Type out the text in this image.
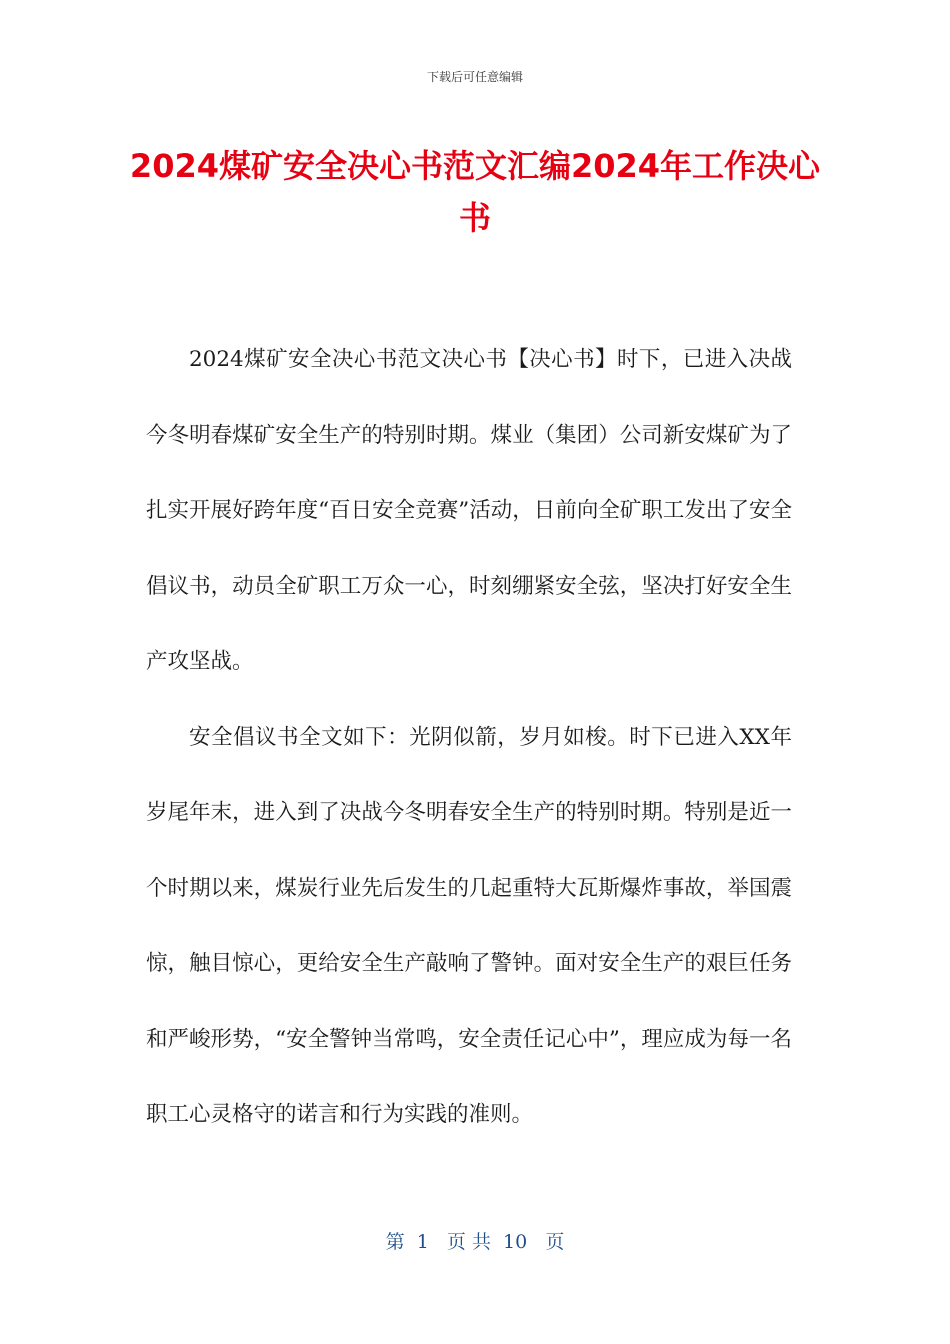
下载后可任意编辑
2024煤矿安全决心书范文汇编2024年工作决心书

2024煤矿安全决心书范文决心书【决心书】时下，已进入决战今冬明春煤矿安全生产的特别时期。煤业（集团）公司新安煤矿为了扎实开展好跨年度“百日安全竞赛”活动，日前向全矿职工发出了安全倡议书，动员全矿职工万众一心，时刻绷紧安全弦，坚决打好安全生产攻坚战。

安全倡议书全文如下：光阴似箭，岁月如梭。时下已进入XX年岁尾年末，进入到了决战今冬明春安全生产的特别时期。特别是近一个时期以来，煤炭行业先后发生的几起重特大瓦斯爆炸事故，举国震惊，触目惊心，更给安全生产敲响了警钟。面对安全生产的艰巨任务和严峻形势，“安全警钟当常鸣，安全责任记心中”，理应成为每一名职工心灵格守的诺言和行为实践的准则。

第  1   页 共  10   页
